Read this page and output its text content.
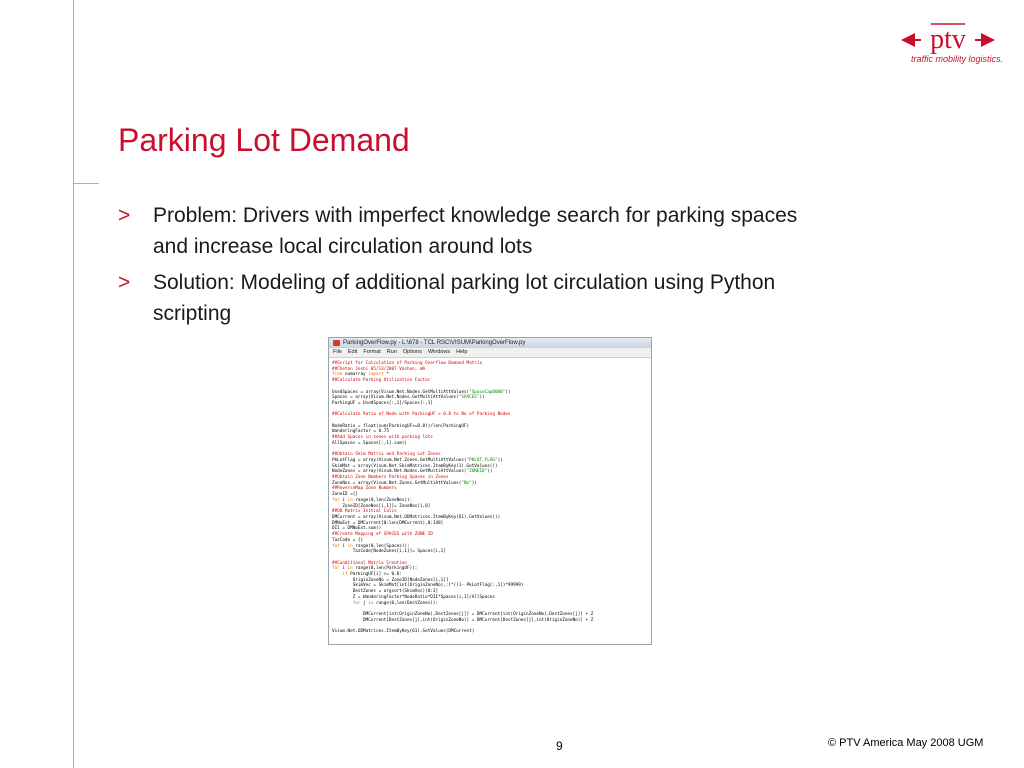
ptv
traffic mobility logistics.
Parking Lot Demand
> Problem: Drivers with imperfect knowledge search for parking spaces and increase local circulation around lots
> Solution: Modeling of additional parking lot circulation using Python scripting
ParkingOverFlow.py - L:\678 - TCL RSC\VISUM\ParkingOverFlow.py
File Edit Format Run Options Windows Help
##Script for Calculation of Parking Overflow Demand Matrix
##Chetan Joshi 05/13/2007 Vashon, WA
from numarray import *
##Calculate Parking Utilization Factor

UsedSpaces = array(Visum.Net.Nodes.GetMultiAttValues("SpaceCap0000"))
Spaces = array(Visum.Net.Nodes.GetMultiAttValues("SPACES"))
ParkingUF = UsedSpaces[:,1]/Spaces[:,1]

##Calculate Ratio of Node with ParkingUF > 0.8 to No of Parking Nodes

NodeRatio = float(sum(ParkingUF>=0.8))/len(ParkingUF)
WanderingFactor = 0.75
##Add Spaces in zones with parking lots
AllSpaces = Spaces[:,1].sum()

##Obtain Skim Matrix and Parking Lot Zones
PkLotFlag = array(Visum.Net.Zones.GetMultiAttValues("PKLOT_FLAG"))
SkimMat = array(Visum.Net.SkimMatrices.ItemByKey(1).GetValues())
NodeZones = array(Visum.Net.Nodes.GetMultiAttValues("ZONEID"))
##Obtain Zone Numbers Parking Spaces in Zones
ZoneNos = array(Visum.Net.Zones.GetMultiAttValues("No"))
##ReverseMap Zone Numbers
ZoneID ={}
for i in range(0,len(ZoneNos)):
ZoneID[ZoneNos[i,1]]= ZoneNos[i,0]
##OD Matrix Initial Calcs
DMCurrent = array(Visum.Net.ODMatrices.ItemByKey(61).GetValues())
DMNoExt = DMCurrent[0:len(DMCurrent),0:148]
DII = DMNoExt.sum()
##Create Mapping of SPACES with ZONE ID
TazCode = {}
for i in range(0,len(Spaces)):
TazCode[NodeZones[i,1]]= Spaces[i,1]

##Conditional Matrix Creation
for i in range(0,len(ParkingUF)):
if ParkingUF[i] >= 0.8:
OriginZoneNo = ZoneID[NodeZones[i,1]]
SkimVec = SkimMat[int(OriginZoneNo),:]*((1- PkLotFlag[:,1])*99999)
DestZones = argsort(SkimVec)[0:3]
Z = WanderingFactor*NodeRatio*DII*Spaces[i,1]/AllSpaces
for j in range(0,len(DestZones)):

DMCurrent[int(OriginZoneNo),DestZones[j]] = DMCurrent[int(OriginZoneNo),DestZones[j]] + Z
DMCurrent[DestZones[j],int(OriginZoneNo)] = DMCurrent[DestZones[j],int(OriginZoneNo)] + Z

Visum.Net.ODMatrices.ItemByKey(61).SetValues(DMCurrent)
9	© PTV America May 2008 UGM
